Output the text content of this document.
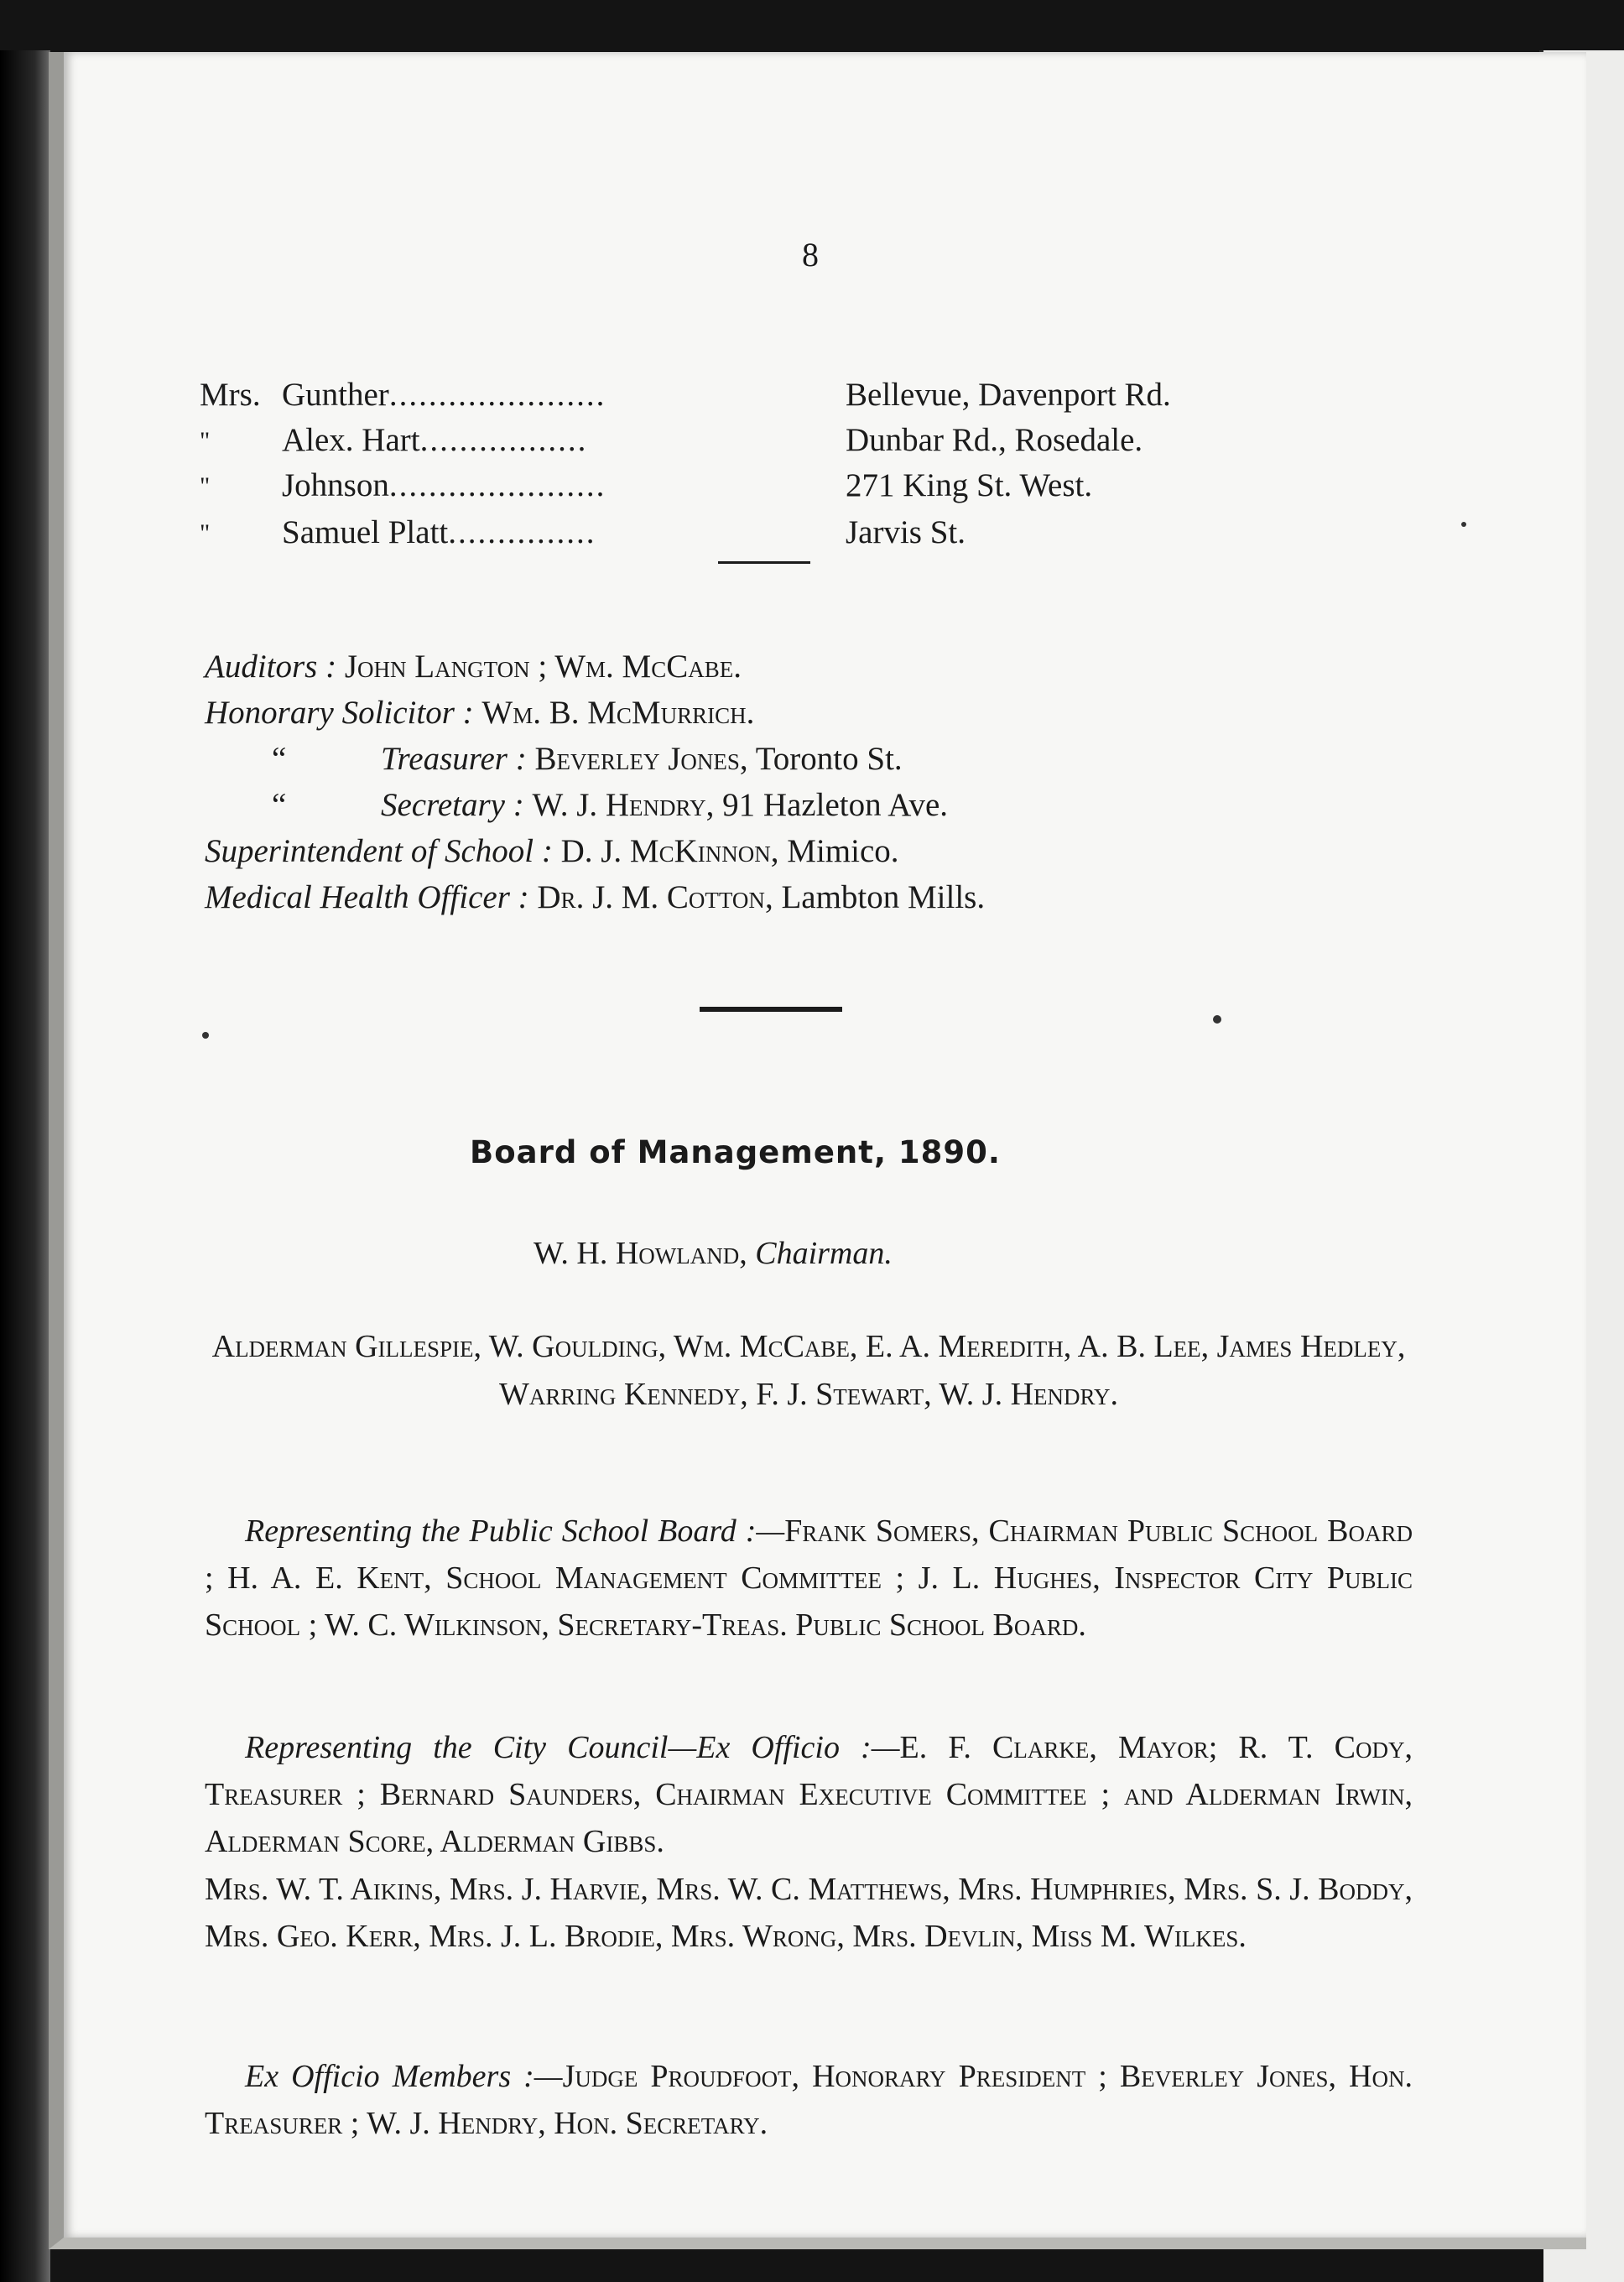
8
Mrs. Gunther......................	Bellevue, Davenport Rd.
" Alex. Hart.................	Dunbar Rd., Rosedale.
" Johnson......................	271 King St. West.
" Samuel Platt...............	Jarvis St.
Auditors : John Langton ; Wm. McCabe.
Honorary Solicitor : Wm. B. McMurrich.
“	Treasurer : Beverley Jones, Toronto St.
“	Secretary : W. J. Hendry, 91 Hazleton Ave.
Superintendent of School : D. J. McKinnon, Mimico.
Medical Health Officer : Dr. J. M. Cotton, Lambton Mills.
Board of Management, 1890.
W. H. Howland, Chairman.
Alderman Gillespie, W. Goulding, Wm. McCabe, E. A. Meredith, A. B. Lee, James Hedley, Warring Kennedy, F. J. Stewart, W. J. Hendry.
Representing the Public School Board :—Frank Somers, Chairman Public School Board ; H. A. E. Kent, School Management Committee ; J. L. Hughes, Inspector City Public School ; W. C. Wilkinson, Secretary-Treas. Public School Board.
Representing the City Council—Ex Officio :—E. F. Clarke, Mayor; R. T. Cody, Treasurer ; Bernard Saunders, Chairman Executive Committee ; and Alderman Irwin, Alderman Score, Alderman Gibbs.
Mrs. W. T. Aikins, Mrs. J. Harvie, Mrs. W. C. Matthews, Mrs. Humphries, Mrs. S. J. Boddy, Mrs. Geo. Kerr, Mrs. J. L. Brodie, Mrs. Wrong, Mrs. Devlin, Miss M. Wilkes.
Ex Officio Members :—Judge Proudfoot, Honorary President ; Beverley Jones, Hon. Treasurer ; W. J. Hendry, Hon. Secretary.
